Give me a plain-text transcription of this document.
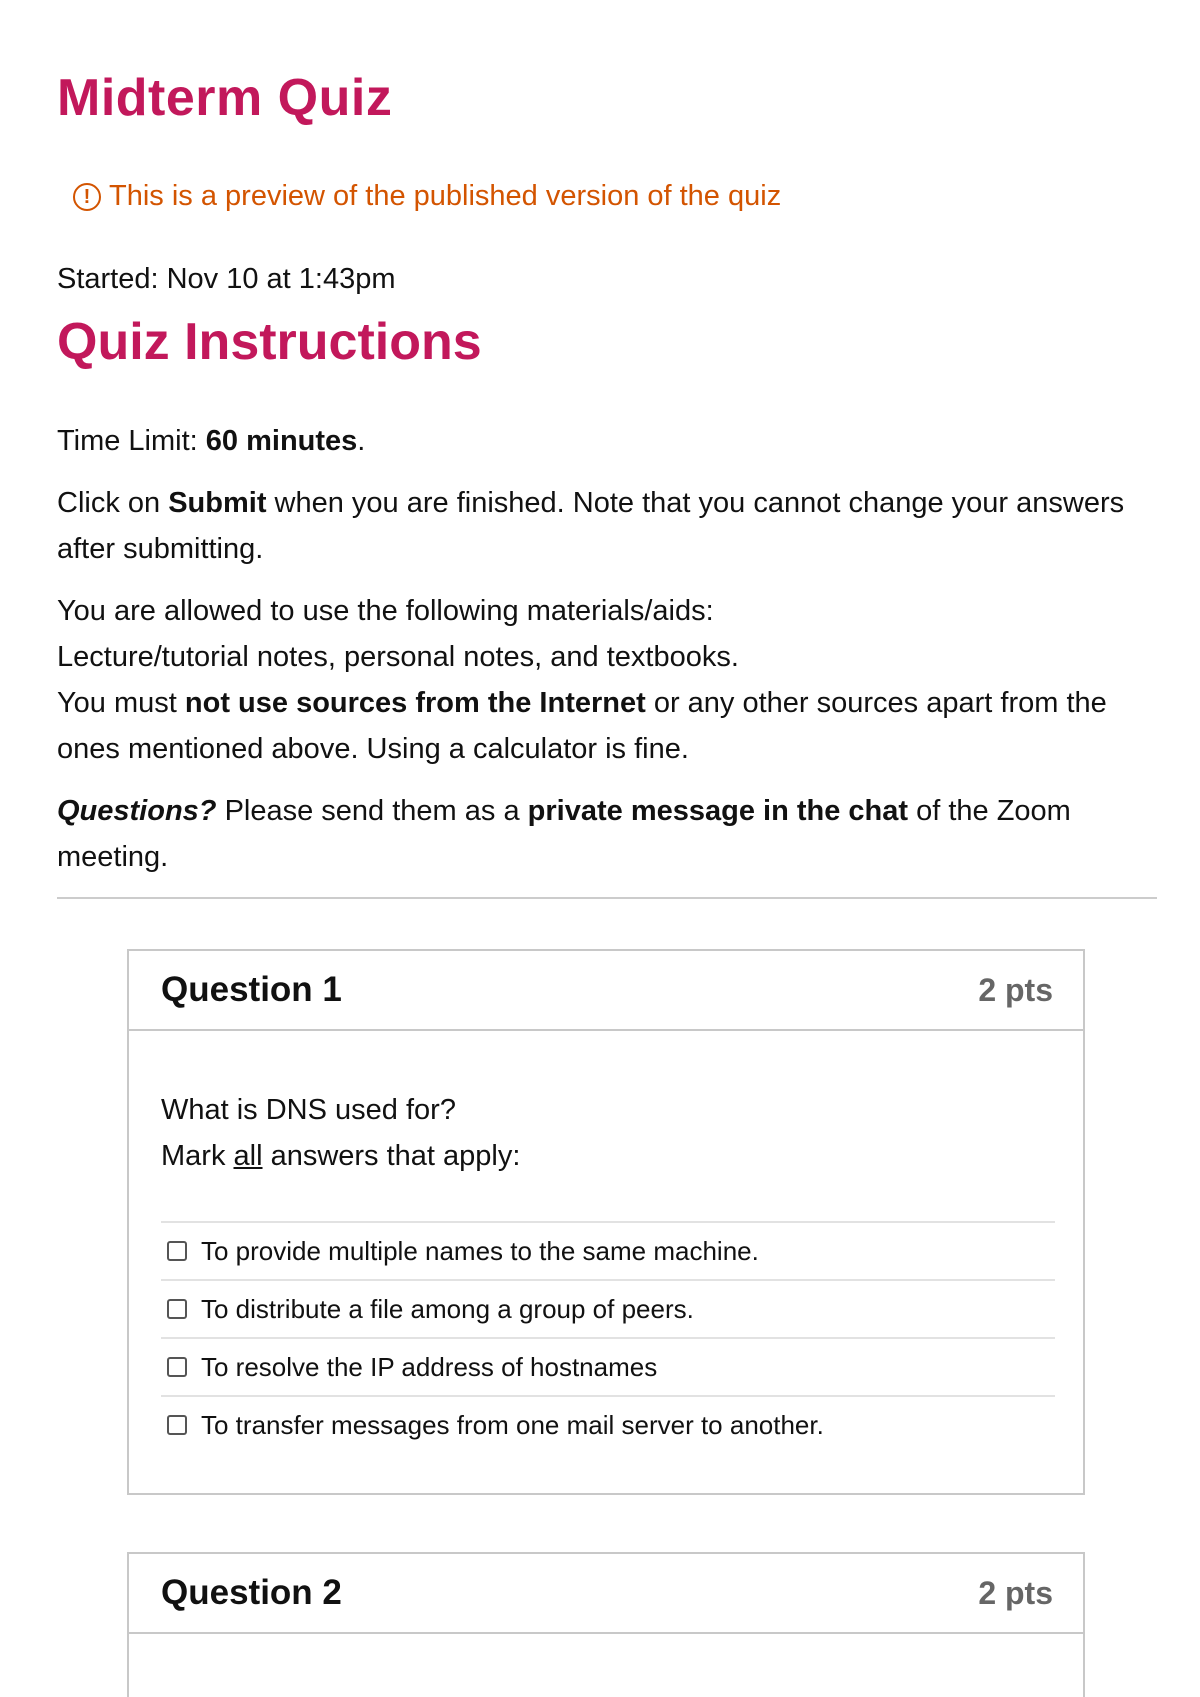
Midterm Quiz
! This is a preview of the published version of the quiz
Started: Nov 10 at 1:43pm
Quiz Instructions

Time Limit: 60 minutes.

Click on Submit when you are finished. Note that you cannot change your answers after submitting.

You are allowed to use the following materials/aids:
Lecture/tutorial notes, personal notes, and textbooks.
You must not use sources from the Internet or any other sources apart from the ones mentioned above. Using a calculator is fine.

Questions? Please send them as a private message in the chat of the Zoom meeting.

Question 1	2 pts
What is DNS used for?
Mark all answers that apply:
To provide multiple names to the same machine.
To distribute a file among a group of peers.
To resolve the IP address of hostnames
To transfer messages from one mail server to another.
Question 2	2 pts
